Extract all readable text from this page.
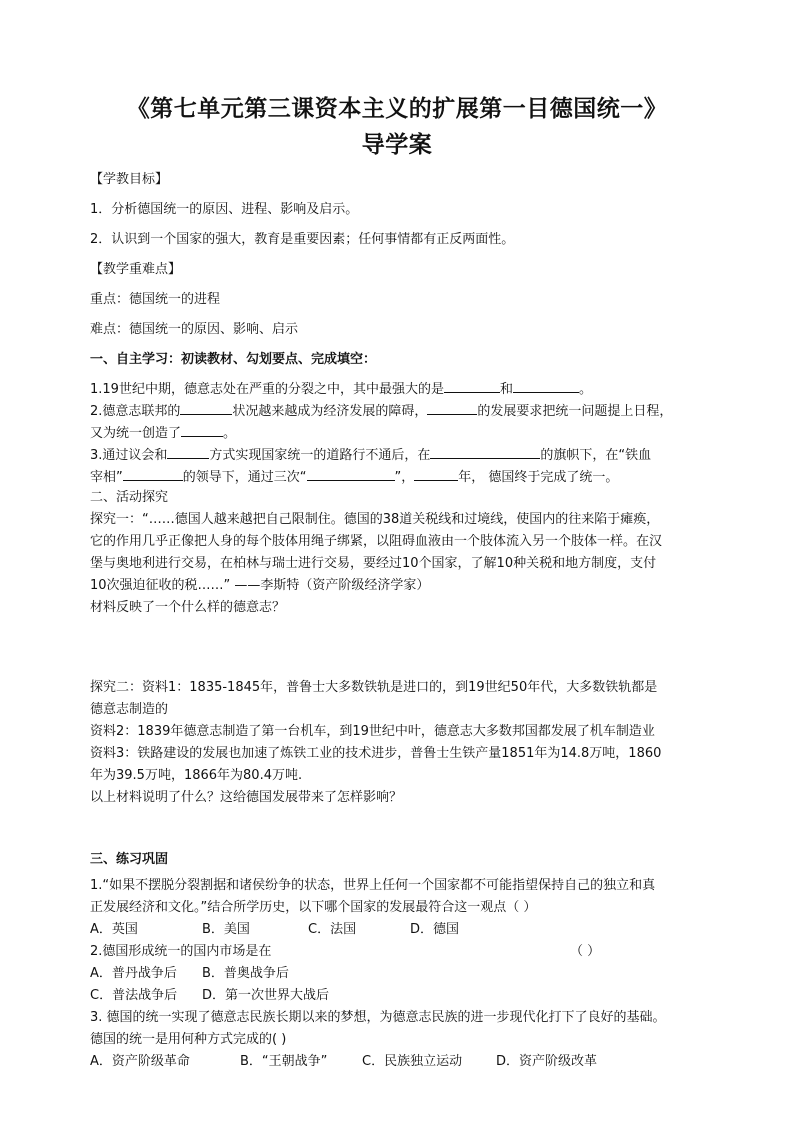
《第七单元第三课资本主义的扩展第一目德国统一》
导学案
【学教目标】
1．分析德国统一的原因、进程、影响及启示。
2．认识到一个国家的强大，教育是重要因素；任何事情都有正反两面性。
【教学重难点】
重点：德国统一的进程
难点：德国统一的原因、影响、启示
一、自主学习：初读教材、勾划要点、完成填空：
1.19世纪中期，德意志处在严重的分裂之中，其中最强大的是	和	。
2.德意志联邦的	状况越来越成为经济发展的障碍，	的发展要求把统一问题提上日程，
又为统一创造了	。
3.通过议会和	方式实现国家统一的道路行不通后，在	的旗帜下，在“铁血
宰相”	的领导下，通过三次“	”，	年， 德国终于完成了统一。
二、活动探究
探究一：“……德国人越来越把自己限制住。德国的38道关税线和过境线，使国内的往来陷于瘫痪，
它的作用几乎正像把人身的每个肢体用绳子绑紧，以阻碍血液由一个肢体流入另一个肢体一样。在汉
堡与奥地利进行交易，在柏林与瑞士进行交易，要经过10个国家，了解10种关税和地方制度，支付
10次强迫征收的税……” ——李斯特（资产阶级经济学家）
材料反映了一个什么样的德意志？
探究二：资料1：1835-1845年，普鲁士大多数铁轨是进口的，到19世纪50年代，大多数铁轨都是
德意志制造的
资料2：1839年德意志制造了第一台机车，到19世纪中叶，德意志大多数邦国都发展了机车制造业
资料3：铁路建设的发展也加速了炼铁工业的技术进步，普鲁士生铁产量1851年为14.8万吨，1860
年为39.5万吨，1866年为80.4万吨.
以上材料说明了什么？这给德国发展带来了怎样影响？
三、练习巩固
1.“如果不摆脱分裂割据和诸侯纷争的状态，世界上任何一个国家都不可能指望保持自己的独立和真
正发展经济和文化。”结合所学历史，以下哪个国家的发展最符合这一观点（ ）
A．英国	B．美国	C．法国	D．德国
2.德国形成统一的国内市场是在	（ ）
A．普丹战争后 B．普奥战争后
C．普法战争后 D．第一次世界大战后
3. 德国的统一实现了德意志民族长期以来的梦想，为德意志民族的进一步现代化打下了良好的基础。
德国的统一是用何种方式完成的( )
A．资产阶级革命	B．“王朝战争”	C．民族独立运动	D．资产阶级改革
